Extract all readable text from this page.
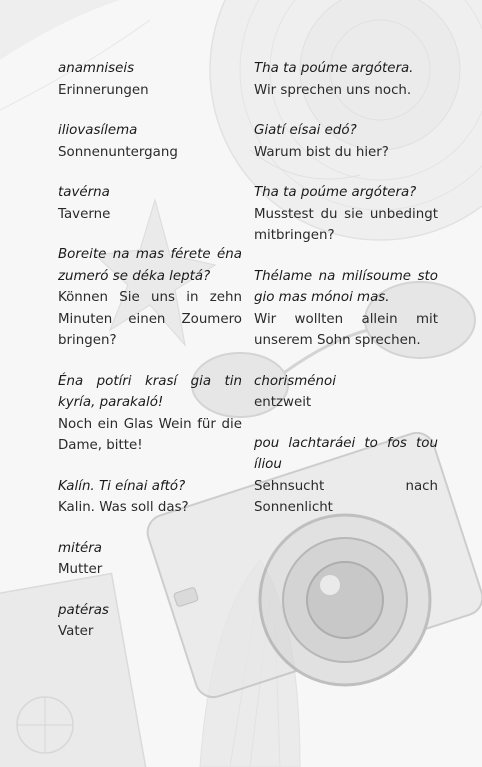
anamniseis

Erinnerungen

iliovasílema

Sonnenuntergang

tavérna

Taverne

Boreite na mas férete éna zumeró se déka leptá?

Können Sie uns in zehn Minuten einen Zoumero bringen?

Éna potíri krasí gia tin kyría, parakaló!

Noch ein Glas Wein für die Dame, bitte!

Kalín. Ti eínai aftó?

Kalin. Was soll das?

mitéra

Mutter

patéras

Vater

Tha ta poúme argótera.

Wir sprechen uns noch.

Giatí eísai edó?

Warum bist du hier?

Tha ta poúme argótera?

Musstest du sie unbedingt mitbringen?

Thélame na milísoume sto gio mas mónoi mas.

Wir wollten allein mit unserem Sohn sprechen.

chorisménoi

entzweit

pou lachtaráei to fos tou íliou

Sehnsucht nach Sonnenlicht
